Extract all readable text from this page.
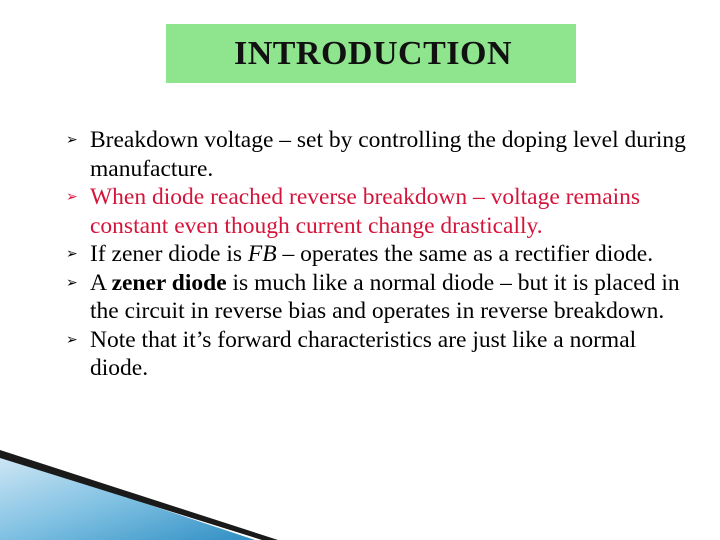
INTRODUCTION
➢ Breakdown voltage – set by controlling the doping level during manufacture.
➢ When diode reached reverse breakdown – voltage remains constant even though current change drastically.
➢ If zener diode is FB – operates the same as a rectifier diode.
➢ A zener diode is much like a normal diode – but it is placed in the circuit in reverse bias and operates in reverse breakdown.
➢ Note that it’s forward characteristics are just like a normal diode.
